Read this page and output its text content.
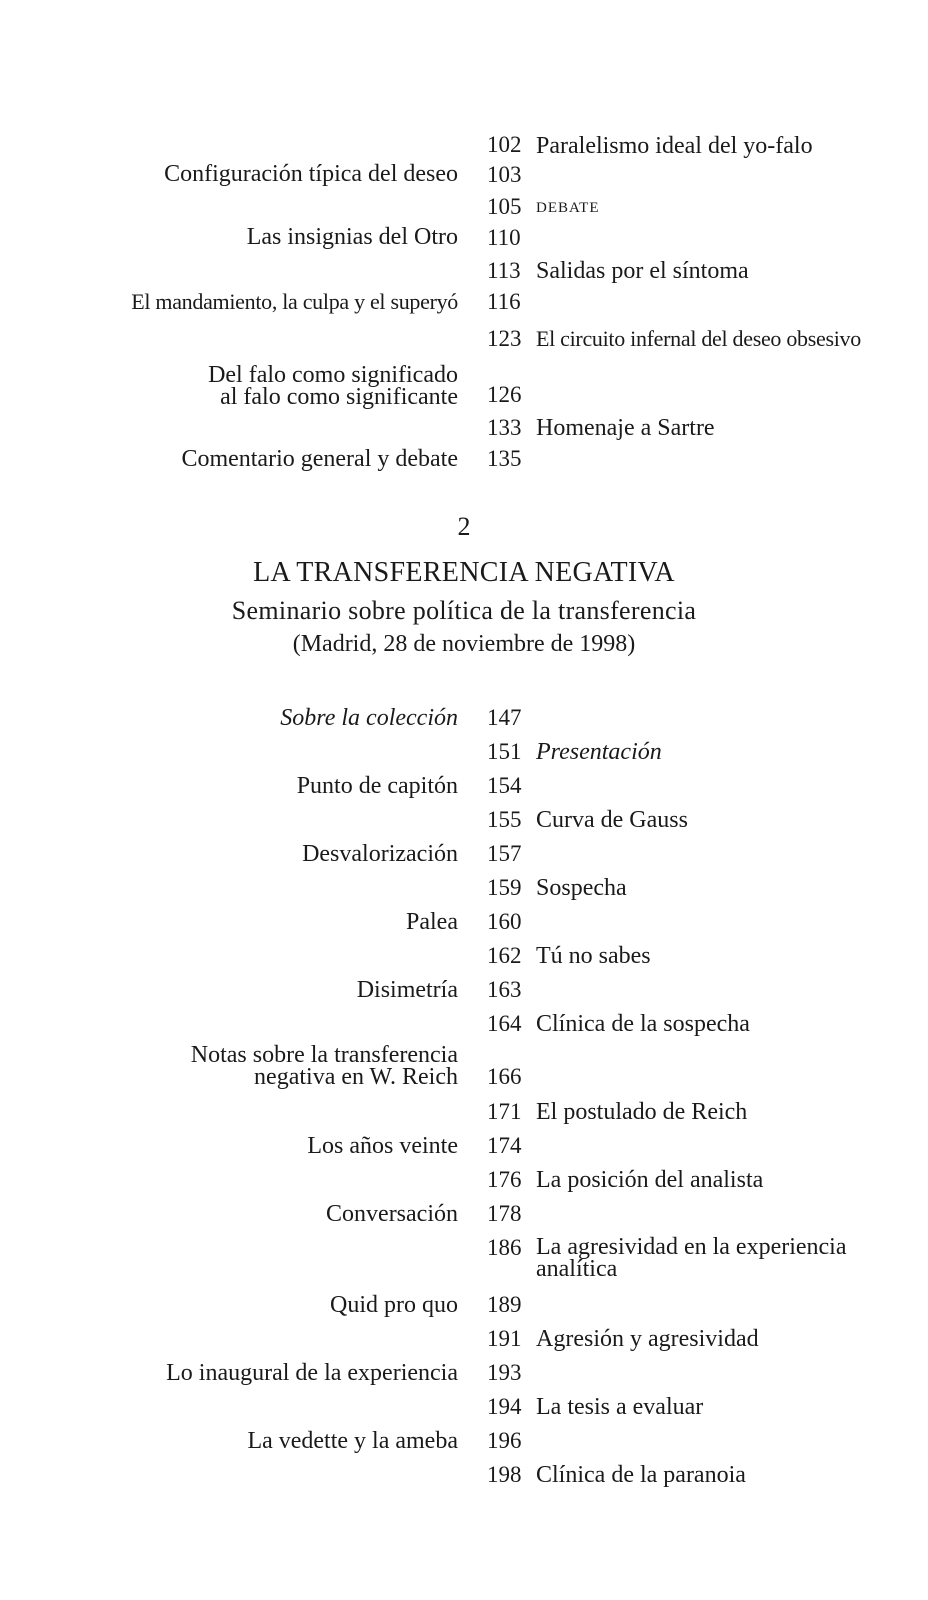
102 Paralelismo ideal del yo-falo
Configuración típica del deseo 103
105 DEBATE
Las insignias del Otro 110
113 Salidas por el síntoma
El mandamiento, la culpa y el superyó 116
123 El circuito infernal del deseo obsesivo
Del falo como significado
al falo como significante 126
133 Homenaje a Sartre
Comentario general y debate 135
2
LA TRANSFERENCIA NEGATIVA
Seminario sobre política de la transferencia
(Madrid, 28 de noviembre de 1998)
Sobre la colección 147
151 Presentación
Punto de capitón 154
155 Curva de Gauss
Desvalorización 157
159 Sospecha
Palea 160
162 Tú no sabes
Disimetría 163
164 Clínica de la sospecha
Notas sobre la transferencia
negativa en W. Reich 166
171 El postulado de Reich
Los años veinte 174
176 La posición del analista
Conversación 178
186 La agresividad en la experiencia
analítica
Quid pro quo 189
191 Agresión y agresividad
Lo inaugural de la experiencia 193
194 La tesis a evaluar
La vedette y la ameba 196
198 Clínica de la paranoia
